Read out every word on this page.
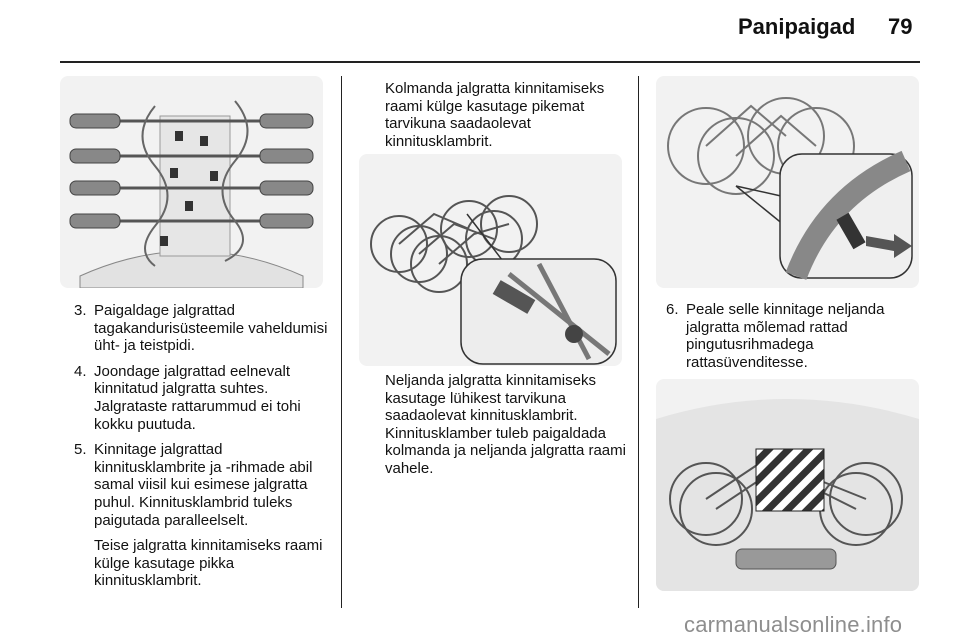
Panipaigad 79
3. Paigaldage jalgrattad tagakandurisüsteemile vaheldumisi üht- ja teistpidi.
4. Joondage jalgrattad eelnevalt kinnitatud jalgratta suhtes. Jalgrataste rattarummud ei tohi kokku puutuda.
5. Kinnitage jalgrattad kinnitusklambrite ja -rihmade abil samal viisil kui esimese jalgratta puhul. Kinnitusklambrid tuleks paigutada paralleelselt.

Teise jalgratta kinnitamiseks raami külge kasutage pikka kinnitusklambrit.

Kolmanda jalgratta kinnitamiseks raami külge kasutage pikemat tarvikuna saadaolevat kinnitusklambrit.

Neljanda jalgratta kinnitamiseks kasutage lühikest tarvikuna saadaolevat kinnitusklambrit. Kinnitusklamber tuleb paigaldada kolmanda ja neljanda jalgratta raami vahele.

6. Peale selle kinnitage neljanda jalgratta mõlemad rattad pingutusrihmadega rattasüvenditesse.
carmanualsonline.info
